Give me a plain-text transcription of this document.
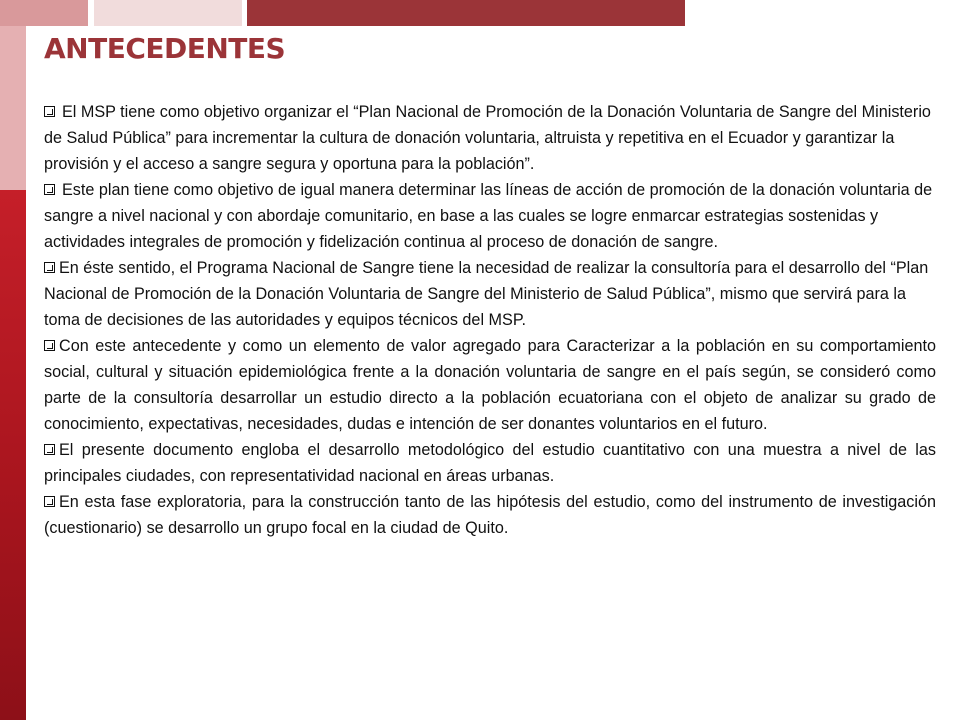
ANTECEDENTES

El MSP tiene como objetivo organizar el “Plan Nacional de Promoción de la Donación Voluntaria de Sangre del Ministerio de Salud Pública” para incrementar la cultura de donación voluntaria, altruista y repetitiva en el Ecuador y garantizar la provisión y el acceso a sangre segura y oportuna para la población”.

Este plan tiene como objetivo de igual manera determinar las líneas de acción de promoción de la donación voluntaria de sangre a nivel nacional y con abordaje comunitario, en base a las cuales se logre enmarcar estrategias sostenidas y actividades integrales de promoción y fidelización continua al proceso de donación de sangre.

En éste sentido, el Programa Nacional de Sangre tiene la necesidad de realizar la consultoría para el desarrollo del “Plan Nacional de Promoción de la Donación Voluntaria de Sangre del Ministerio de Salud Pública”, mismo que servirá para la toma de decisiones de las autoridades y equipos técnicos del MSP.

Con este antecedente y como un elemento de valor agregado para Caracterizar a la población en su comportamiento social, cultural y situación epidemiológica frente a la donación voluntaria de sangre en el país según, se consideró como parte de la consultoría desarrollar un estudio directo a la población ecuatoriana con el objeto de analizar su grado de conocimiento, expectativas, necesidades, dudas e intención de ser donantes voluntarios en el futuro.

El presente documento engloba el desarrollo metodológico del estudio cuantitativo con una muestra a nivel de las principales ciudades, con representatividad nacional en áreas urbanas.

En esta fase exploratoria, para la construcción tanto de las hipótesis del estudio, como del instrumento de investigación (cuestionario) se desarrollo un grupo focal en la ciudad de Quito.
